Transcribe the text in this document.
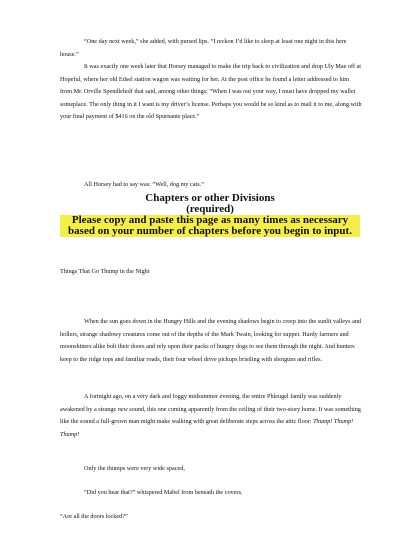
“One day next week,” she added, with pursed lips. “I reckon I’d like to sleep at least one night in this here house.”

It was exactly one week later that Horsey managed to make the trip back to civilization and drop Uly Mae off at Hopeful, where her old Edsel station wagon was waiting for her. At the post office he found a letter addressed to him from Mr. Orville Spendleholf that said, among other things: “When I was out your way, I must have dropped my wallet someplace. The only thing in it I want is my driver’s license. Perhaps you would be so kind as to mail it to me, along with your final payment of $416 on the old Spurnante place.”

All Horsey had to say was: “Well, dog my cats.”

Chapters or other Divisions

(required)

Please copy and paste this page as many times as necessary

based on your number of chapters before you begin to input.

Things That Go Thump in the Night

When the sun goes down in the Hungry Hills and the evening shadows begin to creep into the sunlit valleys and hollers, strange shadowy creatures come out of the depths of the Mark Twain, looking for supper. Hardy farmers and moonshiners alike bolt their doors and rely upon their packs of hungry dogs to see them through the night. And hunters keep to the ridge tops and familiar roads, their four wheel drive pickups bristling with shotguns and rifles.

A fortnight ago, on a very dark and foggy midsummer evening, the entire Phleugel family was suddenly awakened by a strange new sound, this one coming apparently from the ceiling of their two-story home. It was something like the sound a full-grown man might make walking with great deliberate steps across the attic floor: Thump! Thump! Thump!

Only the thumps were very wide spaced,

“Did you hear that?” whispered Mabel from beneath the covers.

“Are all the doors locked?”
